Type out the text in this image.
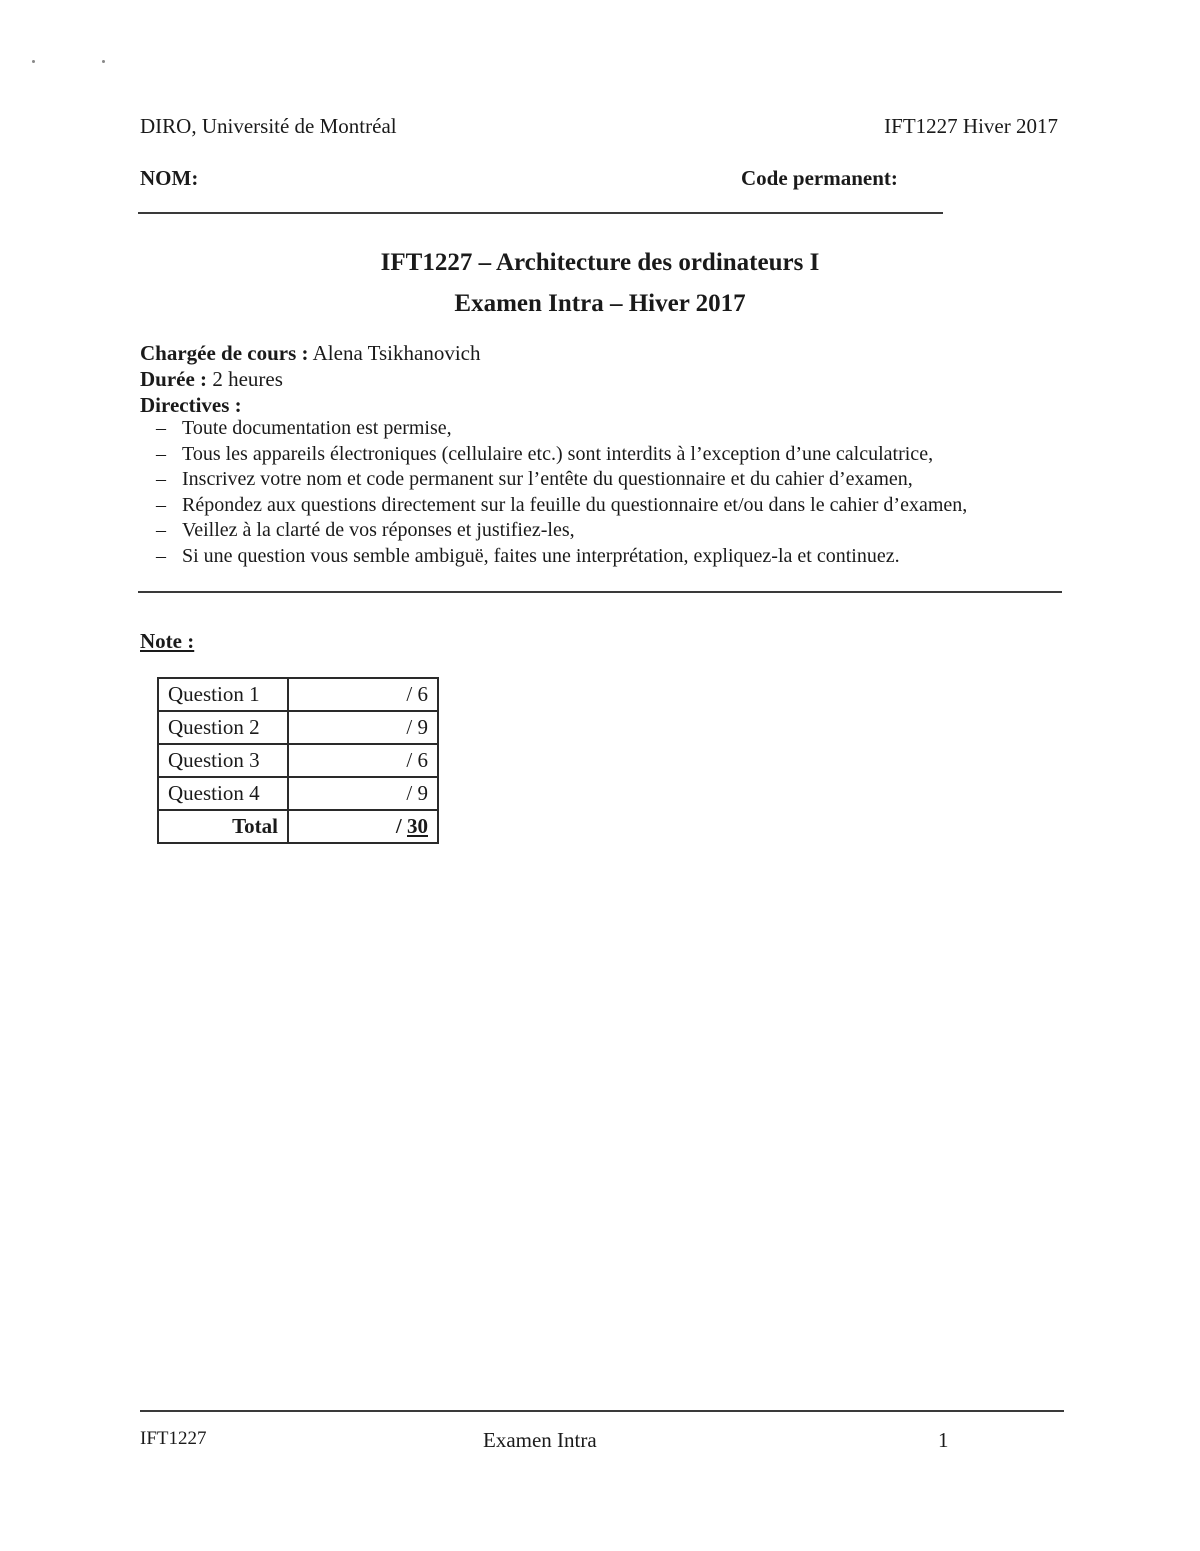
DIRO, Université de Montréal	IFT1227 Hiver 2017
NOM:	Code permanent:
IFT1227 – Architecture des ordinateurs I
Examen Intra – Hiver 2017
Chargée de cours : Alena Tsikhanovich
Durée : 2 heures
Directives :
– Toute documentation est permise,
– Tous les appareils électroniques (cellulaire etc.) sont interdits à l’exception d’une calculatrice,
– Inscrivez votre nom et code permanent sur l’entête du questionnaire et du cahier d’examen,
– Répondez aux questions directement sur la feuille du questionnaire et/ou dans le cahier d’examen,
– Veillez à la clarté de vos réponses et justifiez-les,
– Si une question vous semble ambiguë, faites une interprétation, expliquez-la et continuez.
Note :
Question 1	/ 6
Question 2	/ 9
Question 3	/ 6
Question 4	/ 9
Total	/ 30
IFT1227	Examen Intra	1
